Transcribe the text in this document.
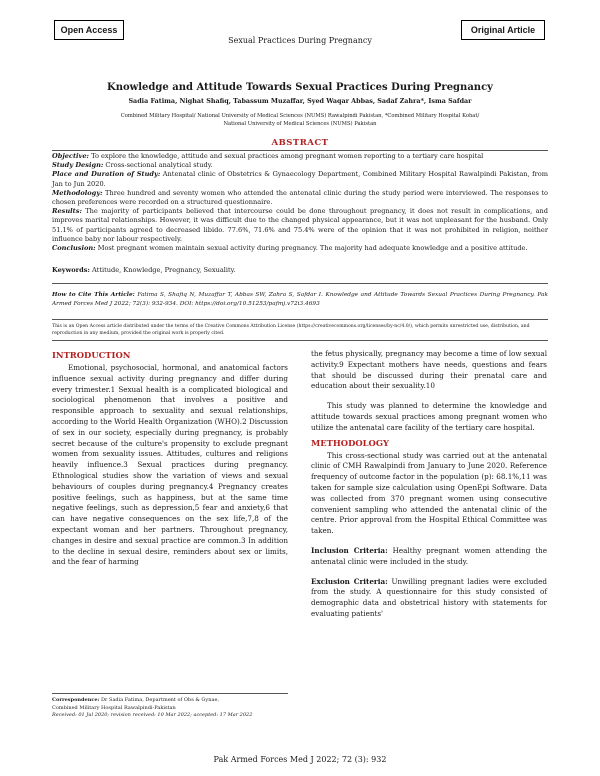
Open Access	Original Article
Sexual Practices During Pregnancy
Knowledge and Attitude Towards Sexual Practices During Pregnancy
Sadia Fatima, Nighat Shafiq, Tabassum Muzaffar, Syed Waqar Abbas, Sadaf Zahra*, Isma Safdar
Combined Military Hospital/ National University of Medical Sciences (NUMS) Rawalpindi Pakistan, *Combined Military Hospital Kohat/
National University of Medical Sciences (NUMS) Pakistan
ABSTRACT

Objective: To explore the knowledge, attitude and sexual practices among pregnant women reporting to a tertiary care hospital

Study Design: Cross-sectional analytical study.

Place and Duration of Study: Antenatal clinic of Obstetrics & Gynaecology Department, Combined Military Hospital Rawalpindi Pakistan, from Jan to Jun 2020.

Methodology: Three hundred and seventy women who attended the antenatal clinic during the study period were interviewed. The responses to chosen preferences were recorded on a structured questionnaire.

Results: The majority of participants believed that intercourse could be done throughout pregnancy, it does not result in complications, and improves marital relationships. However, it was difficult due to the changed physical appearance, but it was not unpleasant for the husband. Only 51.1% of participants agreed to decreased libido. 77.6%, 71.6% and 75.4% were of the opinion that it was not prohibited in religion, neither influence baby nor labour respectively.

Conclusion: Most pregnant women maintain sexual activity during pregnancy. The majority had adequate knowledge and a positive attitude.

Keywords: Attitude, Knowledge, Pregnancy, Sexuality.
How to Cite This Article: Fatima S, Shafiq N, Muzaffar T, Abbas SW, Zahra S, Safdar I. Knowledge and Attitude Towards Sexual Practices During Pregnancy. Pak Armed Forces Med J 2022; 72(3): 932-934. DOI: https://doi.org/10.51253/pafmj.v72i3.4693
This is an Open Access article distributed under the terms of the Creative Commons Attribution License (https://creativecommons.org/licenses/by-nc/4.0/), which permits unrestricted use, distribution, and reproduction in any medium, provided the original work is properly cited.
INTRODUCTION

Emotional, psychosocial, hormonal, and anatomical factors influence sexual activity during pregnancy and differ during every trimester.1 Sexual health is a complicated biological and sociological phenomenon that involves a positive and responsible approach to sexuality and sexual relationships, according to the World Health Organization (WHO).2 Discussion of sex in our society, especially during pregnancy, is probably secret because of the culture's propensity to exclude pregnant women from sexuality issues. Attitudes, cultures and religions heavily influence.3 Sexual practices during pregnancy. Ethnological studies show the variation of views and sexual behaviours of couples during pregnancy.4 Pregnancy creates positive feelings, such as happiness, but at the same time negative feelings, such as depression,5 fear and anxiety,6 that can have negative consequences on the sex life,7,8 of the expectant woman and her partners. Throughout pregnancy, changes in desire and sexual practice are common.3 In addition to the decline in sexual desire, reminders about sex or limits, and the fear of harming

the fetus physically, pregnancy may become a time of low sexual activity.9 Expectant mothers have needs, questions and fears that should be discussed during their prenatal care and education about their sexuality.10

This study was planned to determine the knowledge and attitude towards sexual practices among pregnant women who utilize the antenatal care facility of the tertiary care hospital.

METHODOLOGY

This cross-sectional study was carried out at the antenatal clinic of CMH Rawalpindi from January to June 2020. Reference frequency of outcome factor in the population (p): 68.1%,11 was taken for sample size calculation using OpenEpi Software. Data was collected from 370 pregnant women using consecutive convenient sampling who attended the antenatal clinic of the centre. Prior approval from the Hospital Ethical Committee was taken.

Inclusion Criteria: Healthy pregnant women attending the antenatal clinic were included in the study.

Exclusion Criteria: Unwilling pregnant ladies were excluded from the study. A questionnaire for this study consisted of demographic data and obstetrical history with statements for evaluating patients'

Correspondence: Dr Sadia Fatima, Department of Obs & Gynae,
Combined Military Hospital Rawalpindi-Pakistan
Received: 01 Jul 2020; revision received: 10 Mar 2022; accepted: 17 Mar 2022
Pak Armed Forces Med J 2022; 72 (3): 932
